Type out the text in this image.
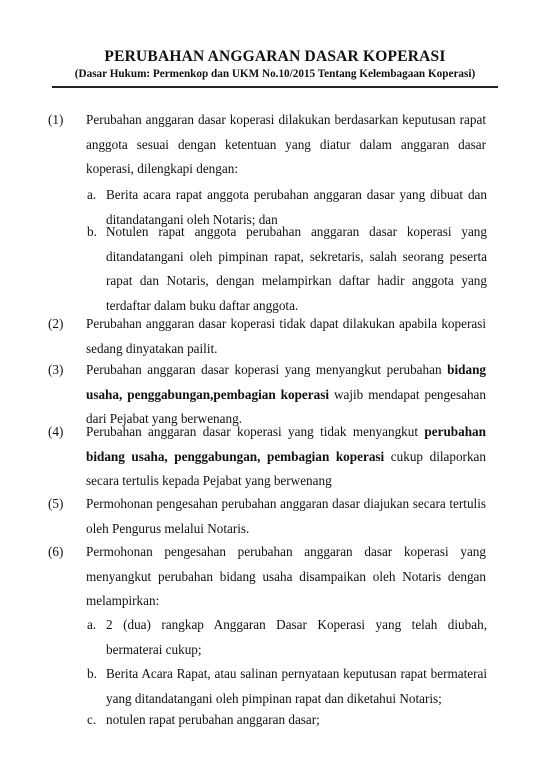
PERUBAHAN ANGGARAN DASAR KOPERASI
(Dasar Hukum: Permenkop dan UKM No.10/2015 Tentang Kelembagaan Koperasi)
(1)	Perubahan anggaran dasar koperasi dilakukan berdasarkan keputusan rapat anggota sesuai dengan ketentuan yang diatur dalam anggaran dasar koperasi, dilengkapi dengan:
a. Berita acara rapat anggota perubahan anggaran dasar yang dibuat dan ditandatangani oleh Notaris; dan
b. Notulen rapat anggota perubahan anggaran dasar koperasi yang ditandatangani oleh pimpinan rapat, sekretaris, salah seorang peserta rapat dan Notaris, dengan melampirkan daftar hadir anggota yang terdaftar dalam buku daftar anggota.
(2)	Perubahan anggaran dasar koperasi tidak dapat dilakukan apabila koperasi sedang dinyatakan pailit.
(3)	Perubahan anggaran dasar koperasi yang menyangkut perubahan bidang usaha, penggabungan,pembagian koperasi wajib mendapat pengesahan dari Pejabat yang berwenang.
(4)	Perubahan anggaran dasar koperasi yang tidak menyangkut perubahan bidang usaha, penggabungan, pembagian koperasi cukup dilaporkan secara tertulis kepada Pejabat yang berwenang
(5)	Permohonan pengesahan perubahan anggaran dasar diajukan secara tertulis oleh Pengurus melalui Notaris.
(6)	Permohonan pengesahan perubahan anggaran dasar koperasi yang menyangkut perubahan bidang usaha disampaikan oleh Notaris dengan melampirkan:
a. 2 (dua) rangkap Anggaran Dasar Koperasi yang telah diubah, bermaterai cukup;
b. Berita Acara Rapat, atau salinan pernyataan keputusan rapat bermaterai yang ditandatangani oleh pimpinan rapat dan diketahui Notaris;
c. notulen rapat perubahan anggaran dasar;
